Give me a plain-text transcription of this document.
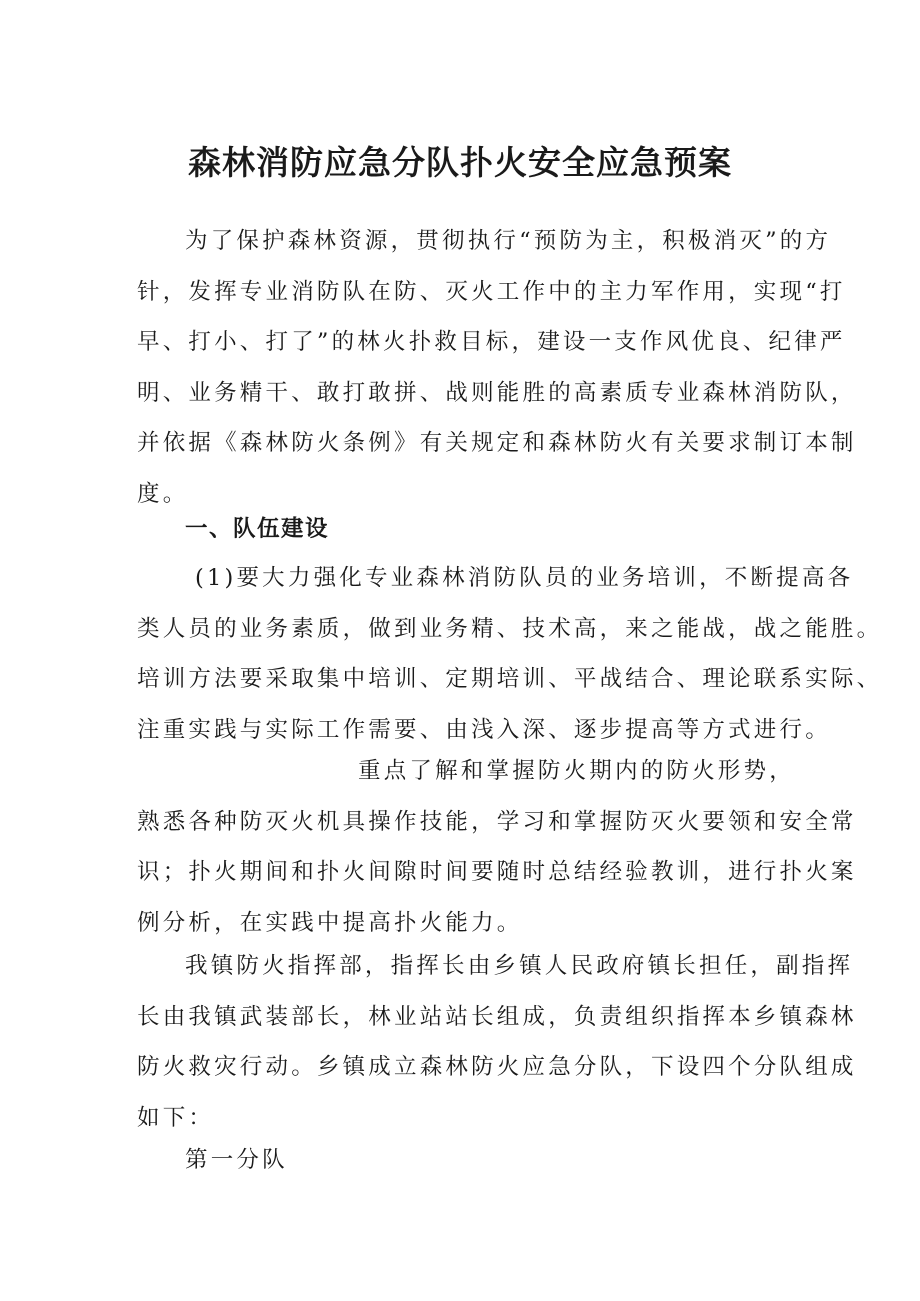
森林消防应急分队扑火安全应急预案
为了保护森林资源，贯彻执行“预防为主，积极消灭”的方
针，发挥专业消防队在防、灭火工作中的主力军作用，实现“打
早、打小、打了”的林火扑救目标，建设一支作风优良、纪律严
明、业务精干、敢打敢拼、战则能胜的高素质专业森林消防队，
并依据《森林防火条例》有关规定和森林防火有关要求制订本制
度。
一、队伍建设
(1)要大力强化专业森林消防队员的业务培训，不断提高各
类人员的业务素质，做到业务精、技术高，来之能战，战之能胜。
培训方法要采取集中培训、定期培训、平战结合、理论联系实际、
注重实践与实际工作需要、由浅入深、逐步提高等方式进行。
重点了解和掌握防火期内的防火形势，
熟悉各种防灭火机具操作技能，学习和掌握防灭火要领和安全常
识；扑火期间和扑火间隙时间要随时总结经验教训，进行扑火案
例分析，在实践中提高扑火能力。
我镇防火指挥部，指挥长由乡镇人民政府镇长担任，副指挥
长由我镇武装部长，林业站站长组成，负责组织指挥本乡镇森林
防火救灾行动。乡镇成立森林防火应急分队，下设四个分队组成
如下：
第一分队
